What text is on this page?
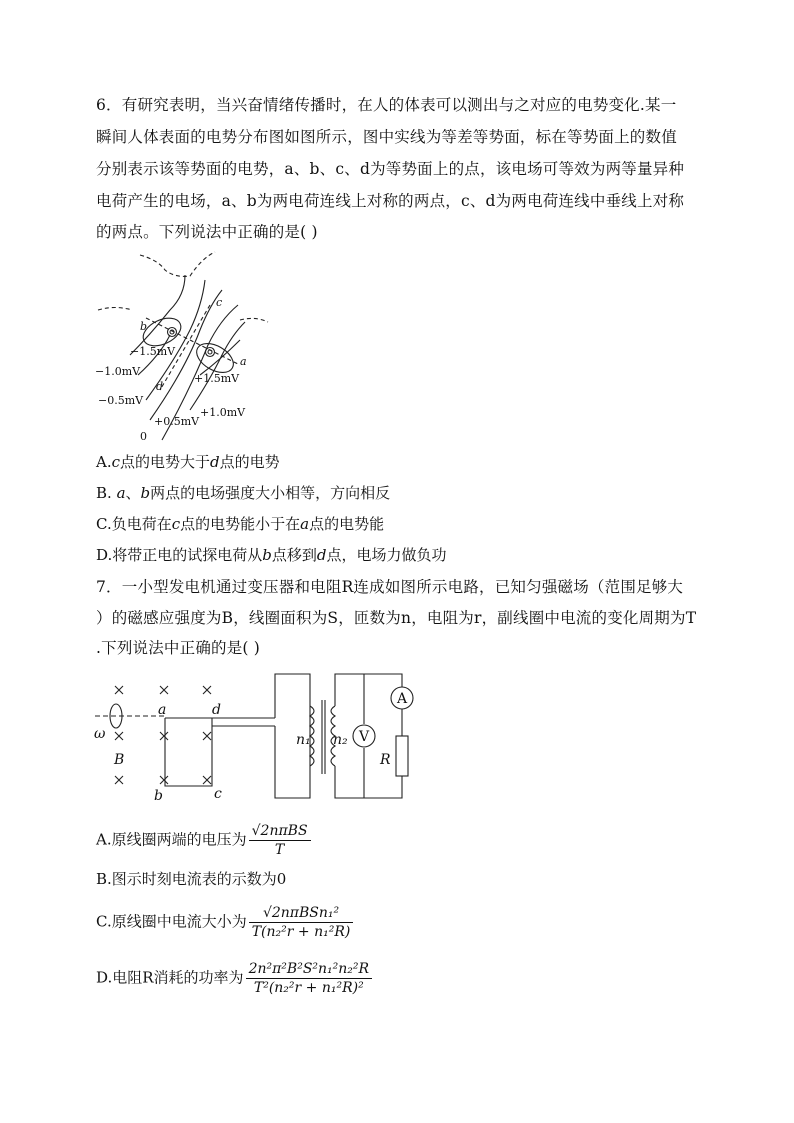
6．有研究表明，当兴奋情绪传播时，在人的体表可以测出与之对应的电势变化.某一
瞬间人体表面的电势分布图如图所示，图中实线为等差等势面，标在等势面上的数值
分别表示该等势面的电势，a、b、c、d为等势面上的点，该电场可等效为两等量异种
电荷产生的电场，a、b为两电荷连线上对称的两点，c、d为两电荷连线中垂线上对称
的两点。下列说法中正确的是( )
b
c
a
d
−1.5mV
−1.0mV
−0.5mV
+1.5mV
+1.0mV
+0.5mV
0
A.c点的电势大于d点的电势
B. a、b两点的电场强度大小相等，方向相反
C.负电荷在c点的电势能小于在a点的电势能
D.将带正电的试探电荷从b点移到d点，电场力做负功
7．一小型发电机通过变压器和电阻R连成如图所示电路，已知匀强磁场（范围足够大
）的磁感应强度为B，线圈面积为S，匝数为n，电阻为r，副线圈中电流的变化周期为T
.下列说法中正确的是( )
ω
B
a	d
b	c
n₁ n₂
R
V
A
A.原线圈两端的电压为 $\frac{\text{√2nπBS}}{T}$
B.图示时刻电流表的示数为0
C.原线圈中电流大小为 $\frac{\text{√2nπBSn₁²}}{\text{T(n₂²r + n₁²R)}}$
D.电阻R消耗的功率为 $\frac{\text{2n²π²B²S²n₁²n₂²R}}{\text{T²(n₂²r + n₁²R)²}}$
